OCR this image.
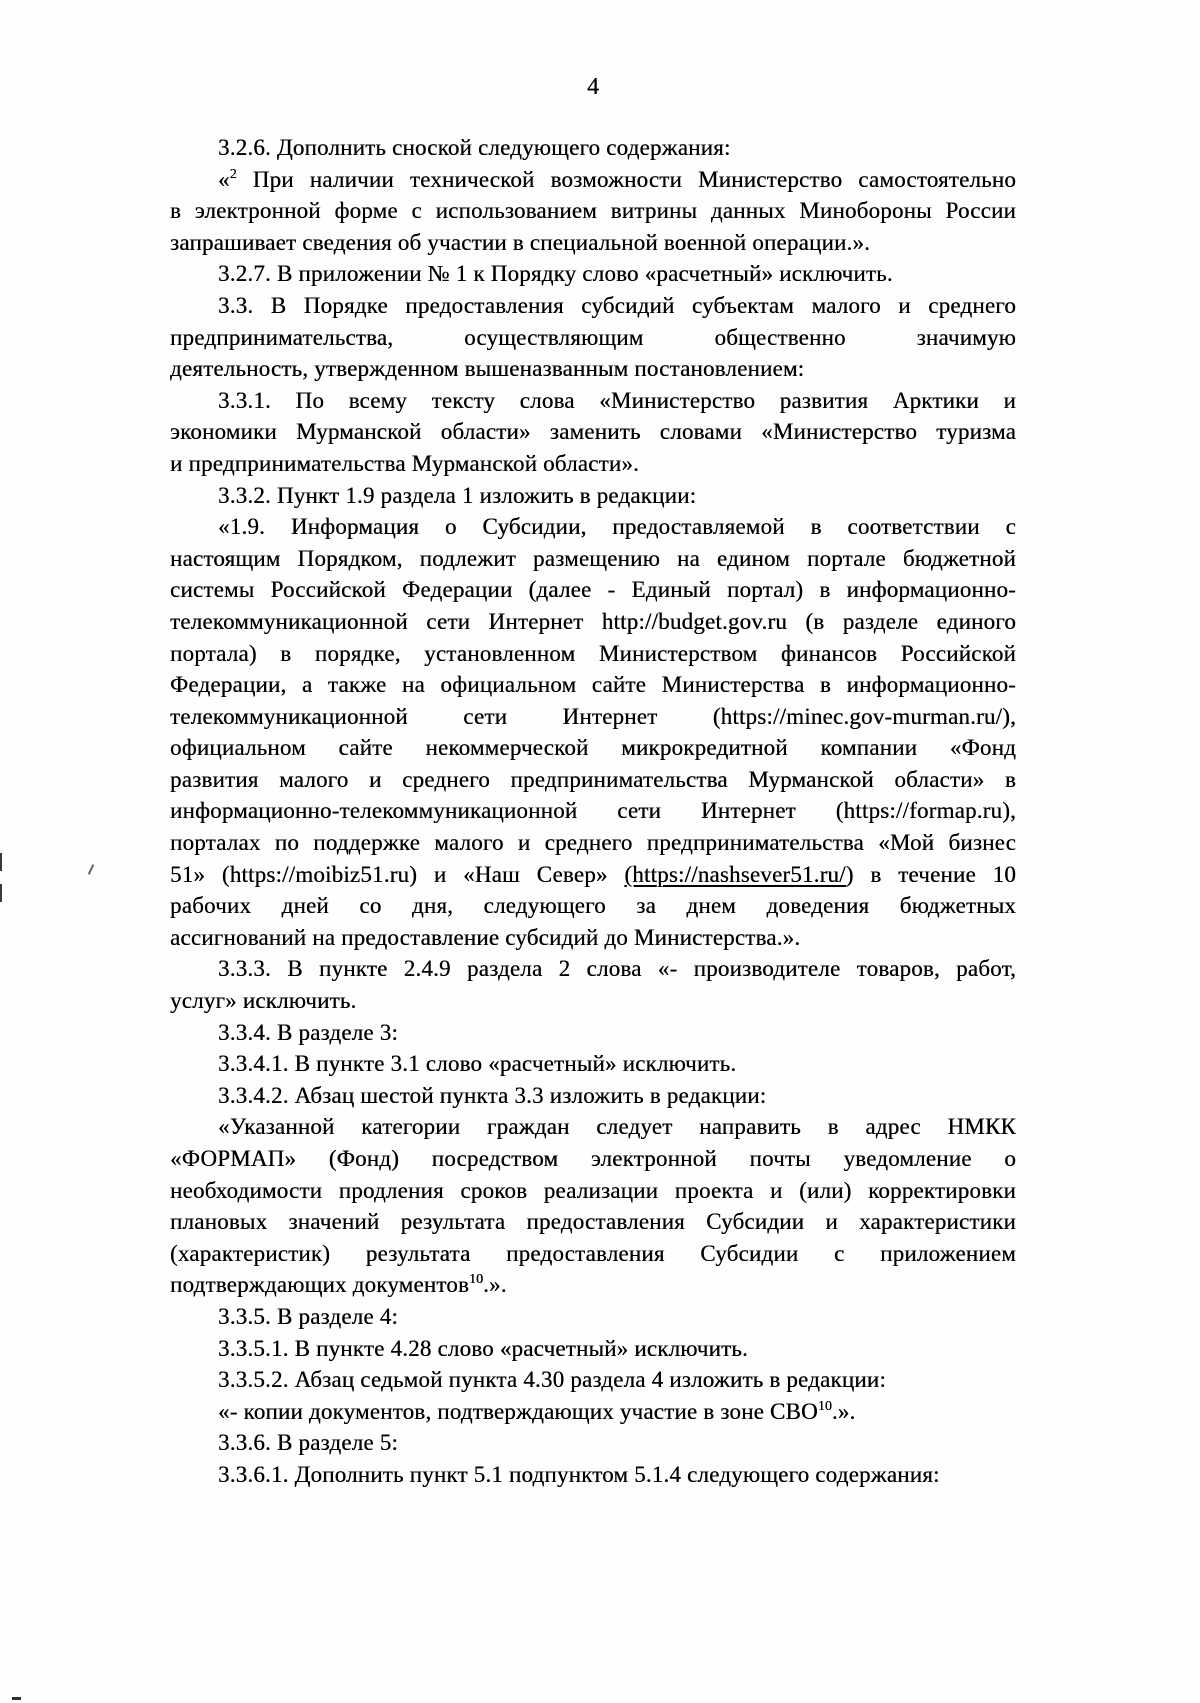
4
3.2.6. Дополнить сноской следующего содержания:
«$^2$ При наличии технической возможности Министерство самостоятельно
в электронной форме с использованием витрины данных Минобороны России
запрашивает сведения об участии в специальной военной операции.».
3.2.7. В приложении № 1 к Порядку слово «расчетный» исключить.
3.3. В Порядке предоставления субсидий субъектам малого и среднего
предпринимательства, осуществляющим общественно значимую
деятельность, утвержденном вышеназванным постановлением:
3.3.1. По всему тексту слова «Министерство развития Арктики и
экономики Мурманской области» заменить словами «Министерство туризма
и предпринимательства Мурманской области».
3.3.2. Пункт 1.9 раздела 1 изложить в редакции:
«1.9. Информация о Субсидии, предоставляемой в соответствии с
настоящим Порядком, подлежит размещению на едином портале бюджетной
системы Российской Федерации (далее - Единый портал) в информационно-
телекоммуникационной сети Интернет http://budget.gov.ru (в разделе единого
портала) в порядке, установленном Министерством финансов Российской
Федерации, а также на официальном сайте Министерства в информационно-
телекоммуникационной сети Интернет (https://minec.gov-murman.ru/),
официальном сайте некоммерческой микрокредитной компании «Фонд
развития малого и среднего предпринимательства Мурманской области» в
информационно-телекоммуникационной сети Интернет (https://formap.ru),
порталах по поддержке малого и среднего предпринимательства «Мой бизнес
51» (https://moibiz51.ru) и «Наш Север» (https://nashsever51.ru/) в течение 10
рабочих дней со дня, следующего за днем доведения бюджетных
ассигнований на предоставление субсидий до Министерства.».
3.3.3. В пункте 2.4.9 раздела 2 слова «- производителе товаров, работ,
услуг» исключить.
3.3.4. В разделе 3:
3.3.4.1. В пункте 3.1 слово «расчетный» исключить.
3.3.4.2. Абзац шестой пункта 3.3 изложить в редакции:
«Указанной категории граждан следует направить в адрес НМКК
«ФОРМАП» (Фонд) посредством электронной почты уведомление о
необходимости продления сроков реализации проекта и (или) корректировки
плановых значений результата предоставления Субсидии и характеристики
(характеристик) результата предоставления Субсидии с приложением
подтверждающих документов$^{10}$.».
3.3.5. В разделе 4:
3.3.5.1. В пункте 4.28 слово «расчетный» исключить.
3.3.5.2. Абзац седьмой пункта 4.30 раздела 4 изложить в редакции:
«- копии документов, подтверждающих участие в зоне СВО$^{10}$.».
3.3.6. В разделе 5:
3.3.6.1. Дополнить пункт 5.1 подпунктом 5.1.4 следующего содержания:
